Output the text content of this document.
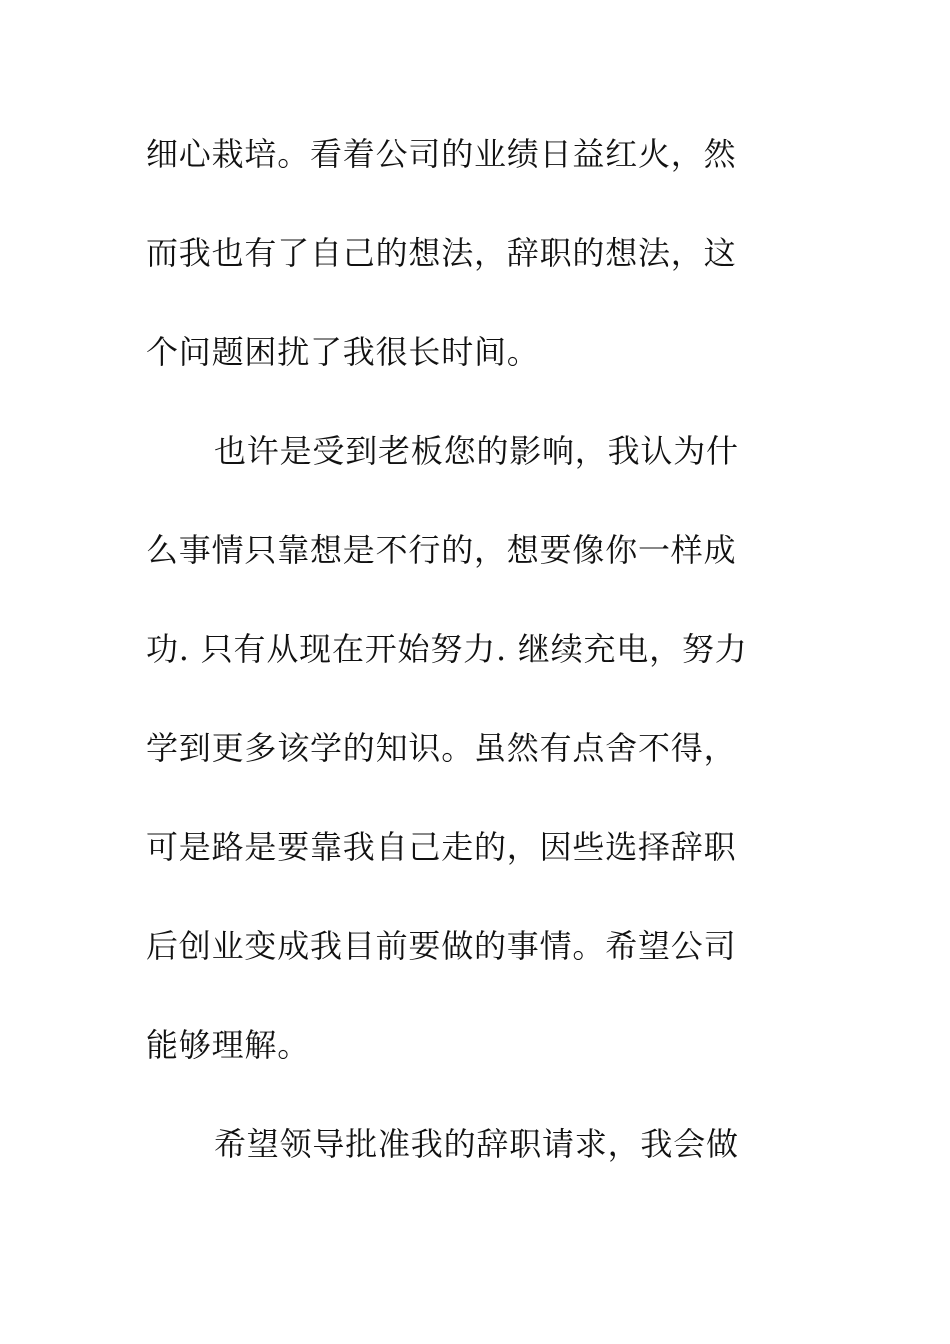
细心栽培。看着公司的业绩日益红火，然
而我也有了自己的想法，辞职的想法，这
个问题困扰了我很长时间。
也许是受到老板您的影响，我认为什
么事情只靠想是不行的，想要像你一样成
功. 只有从现在开始努力. 继续充电，努力
学到更多该学的知识。虽然有点舍不得，
可是路是要靠我自己走的，因些选择辞职
后创业变成我目前要做的事情。希望公司
能够理解。
希望领导批准我的辞职请求，我会做
